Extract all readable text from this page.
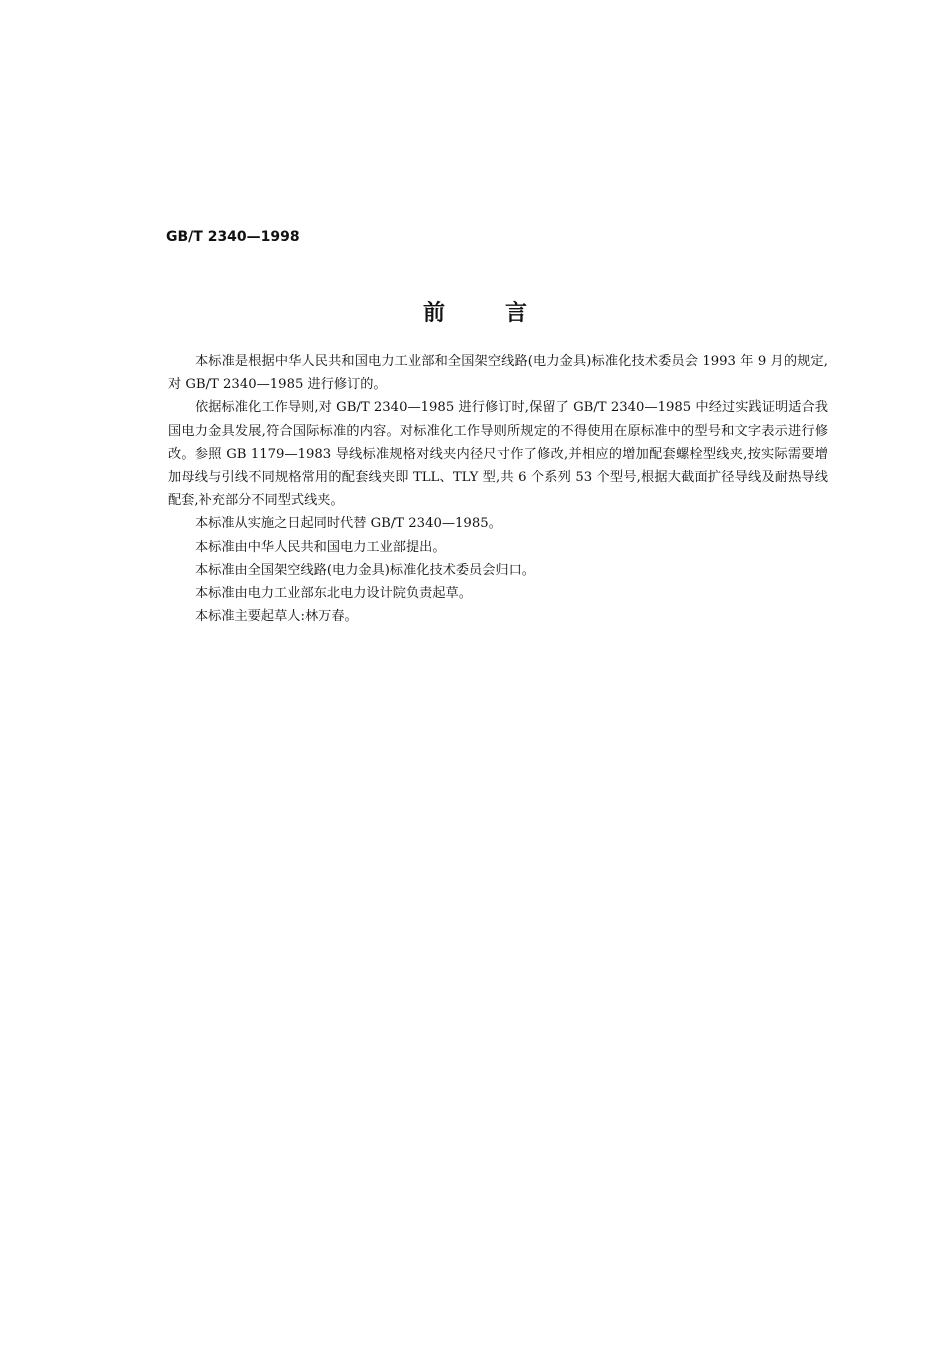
GB/T 2340—1998
前言

本标准是根据中华人民共和国电力工业部和全国架空线路(电力金具)标准化技术委员会 1993 年 9 月的规定,对 GB/T 2340—1985 进行修订的。

依据标准化工作导则,对 GB/T 2340—1985 进行修订时,保留了 GB/T 2340—1985 中经过实践证明适合我国电力金具发展,符合国际标准的内容。对标准化工作导则所规定的不得使用在原标准中的型号和文字表示进行修改。参照 GB 1179—1983 导线标准规格对线夹内径尺寸作了修改,并相应的增加配套螺栓型线夹,按实际需要增加母线与引线不同规格常用的配套线夹即 TLL、TLY 型,共 6 个系列 53 个型号,根据大截面扩径导线及耐热导线配套,补充部分不同型式线夹。

本标准从实施之日起同时代替 GB/T 2340—1985。

本标准由中华人民共和国电力工业部提出。

本标准由全国架空线路(电力金具)标准化技术委员会归口。

本标准由电力工业部东北电力设计院负责起草。

本标准主要起草人:林万春。
